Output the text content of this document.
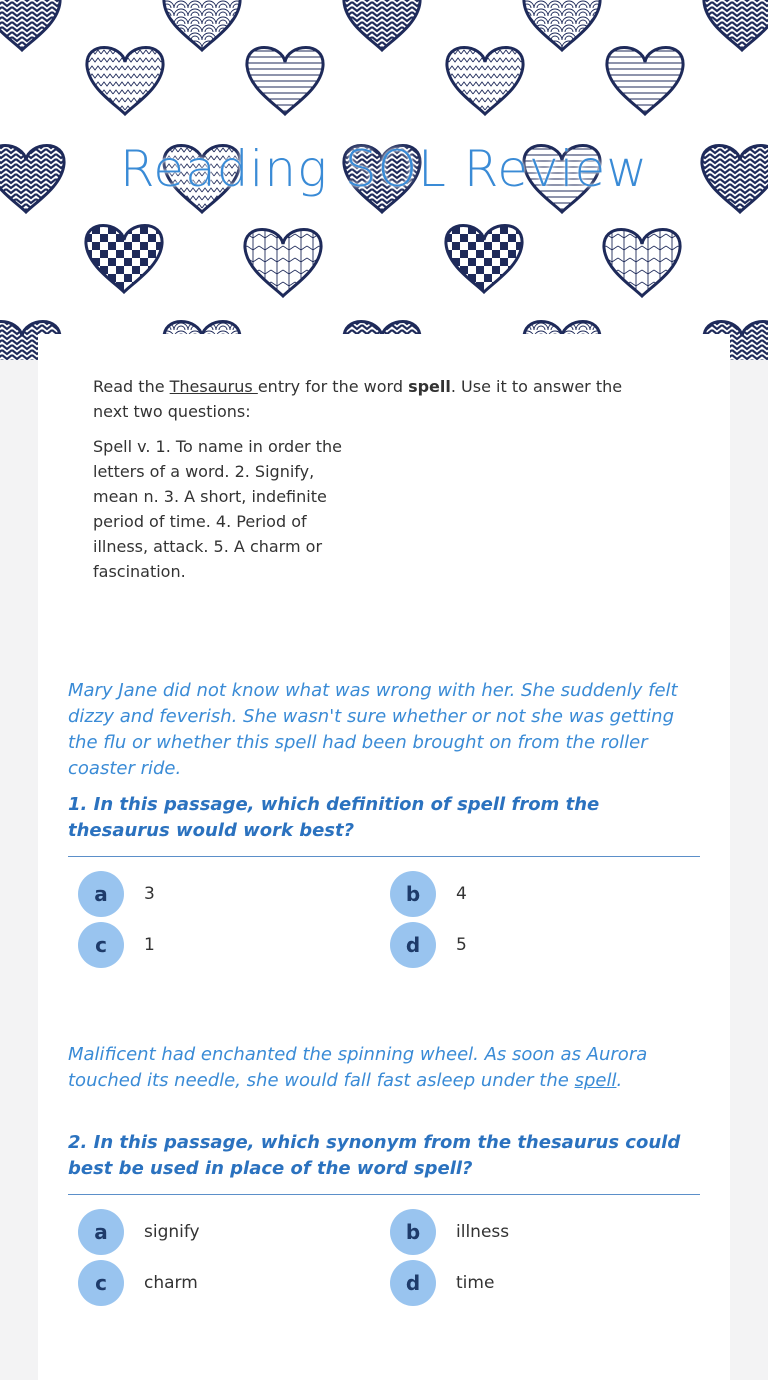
Reading SOL Review
Read the Thesaurus entry for the word spell. Use it to answer the next two questions:
Spell v. 1. To name in order the letters of a word. 2. Signify, mean n. 3. A short, indefinite period of time. 4. Period of illness, attack. 5. A charm or fascination.
Mary Jane did not know what was wrong with her. She suddenly felt dizzy and feverish. She wasn't sure whether or not she was getting the flu or whether this spell had been brought on from the roller coaster ride.
1. In this passage, which definition of spell from the thesaurus would work best?
a	3	b	4
c	1	d	5
Malificent had enchanted the spinning wheel. As soon as Aurora touched its needle, she would fall fast asleep under the spell.
2. In this passage, which synonym from the thesaurus could best be used in place of the word spell?
a	signify	b	illness
c	charm	d	time
